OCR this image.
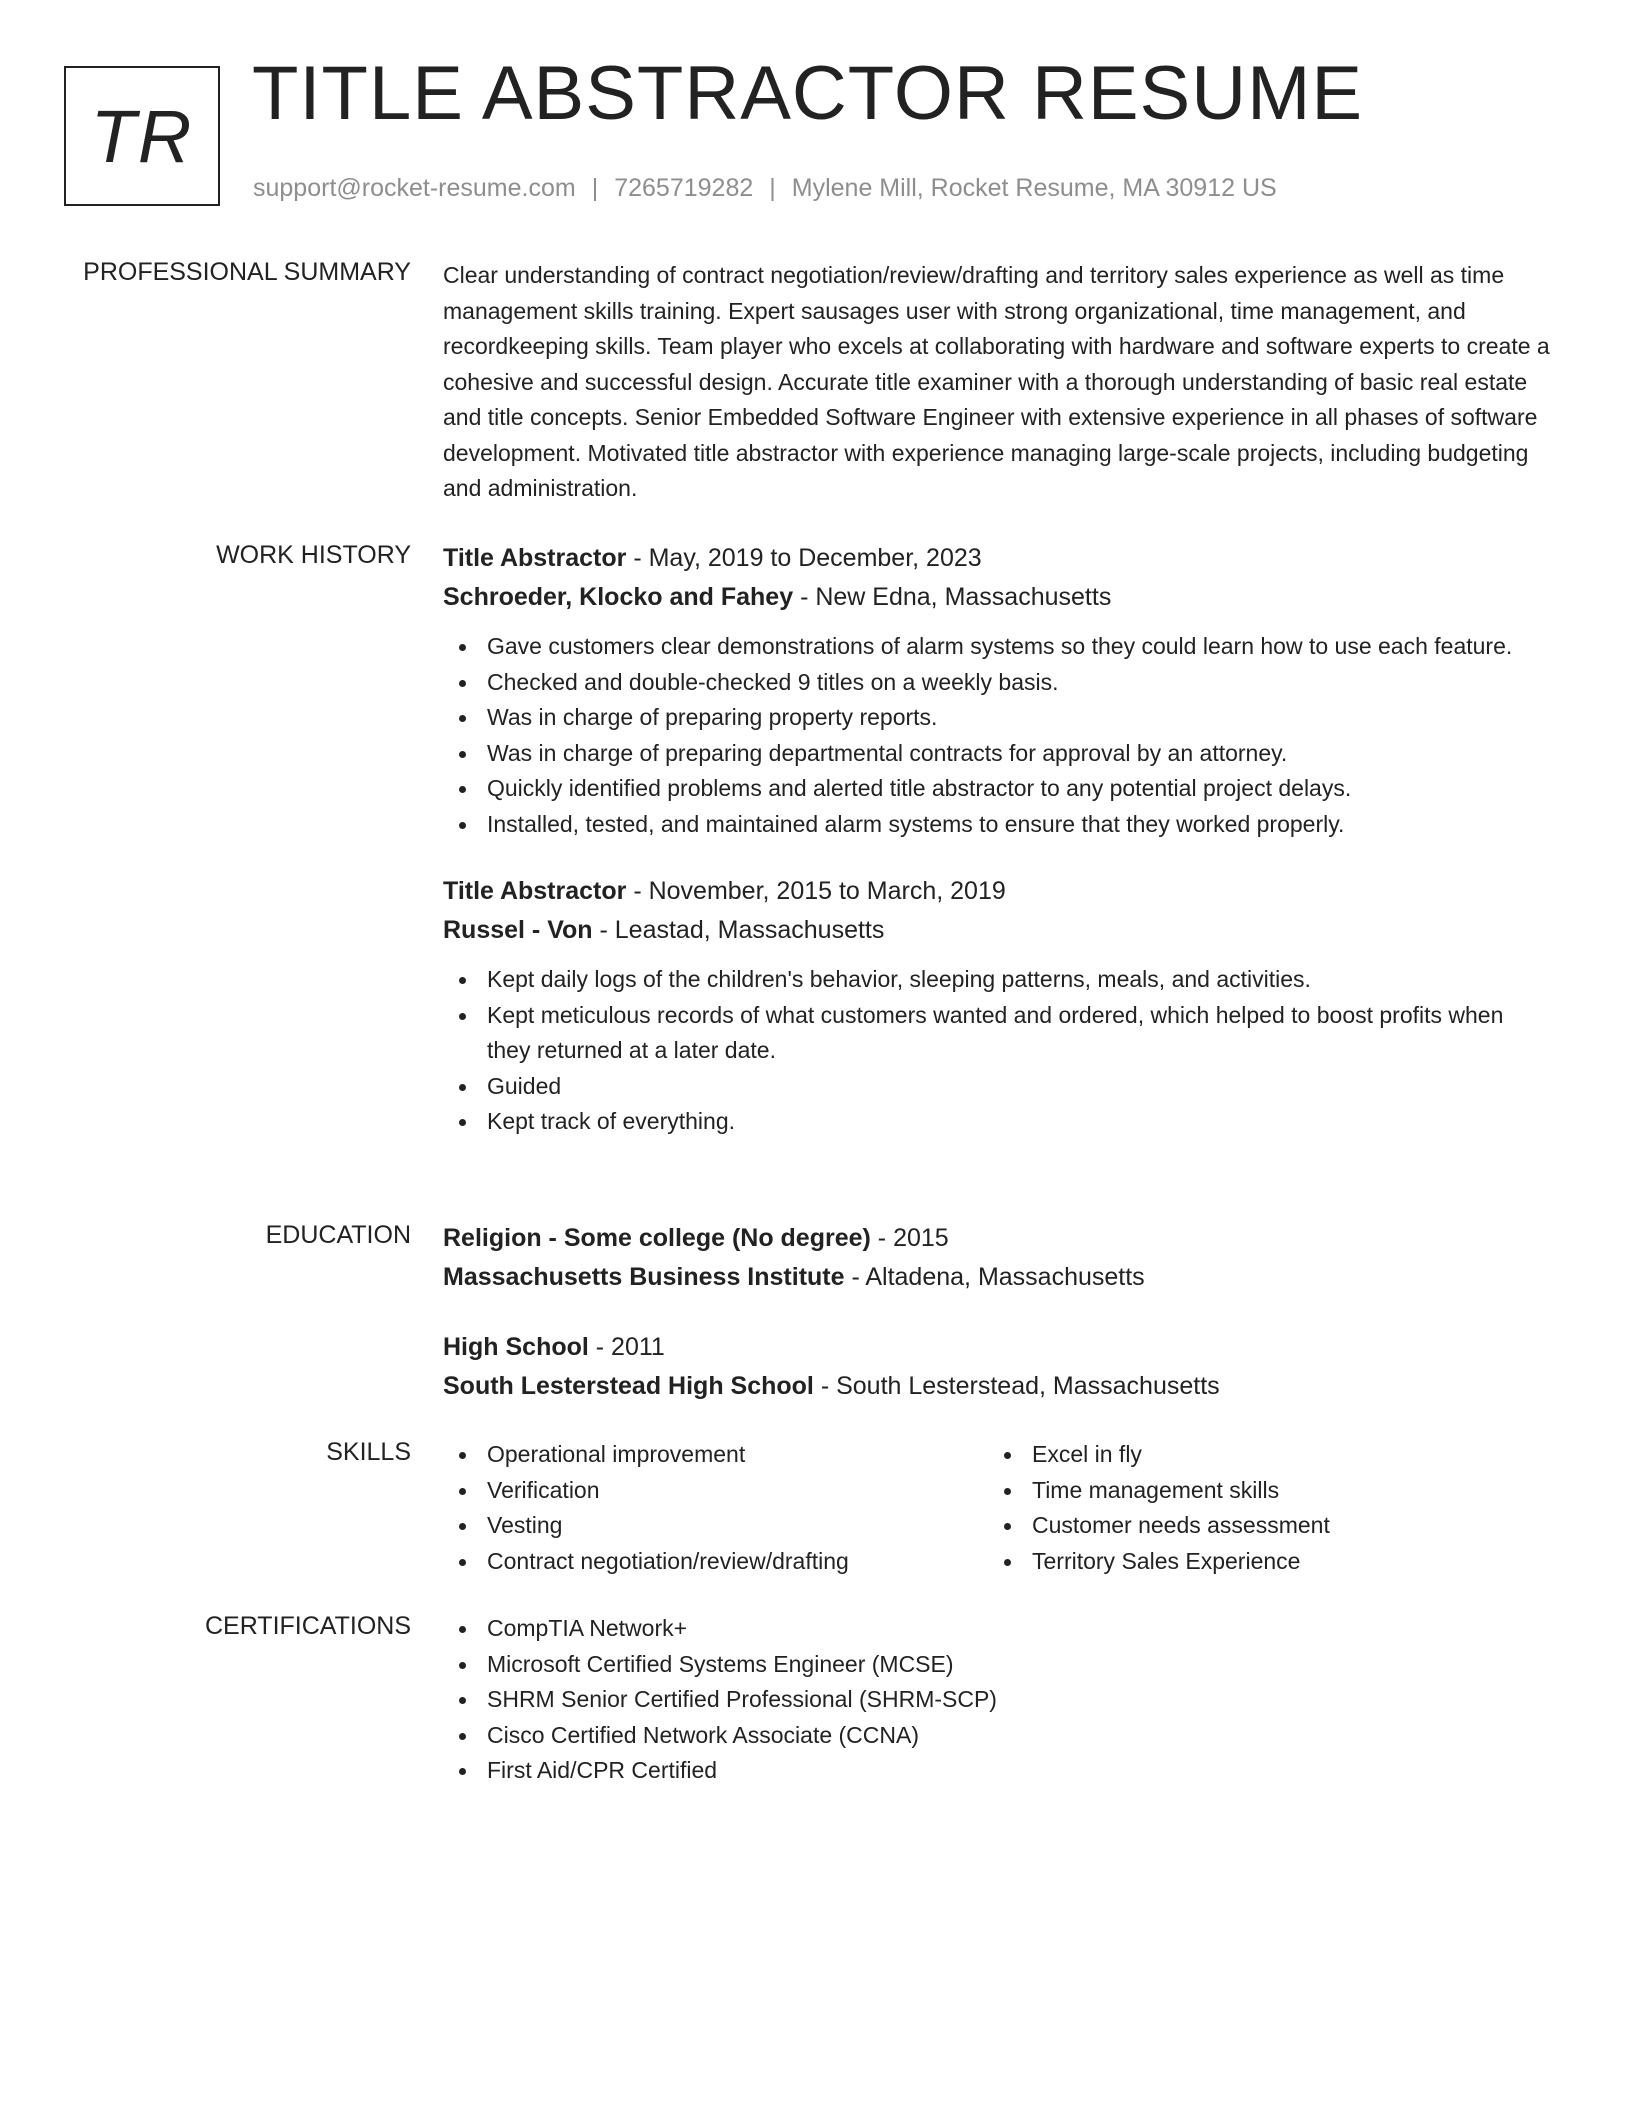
TR TITLE ABSTRACTOR RESUME
support@rocket-resume.com | 7265719282 | Mylene Mill, Rocket Resume, MA 30912 US
PROFESSIONAL SUMMARY Clear understanding of contract negotiation/review/drafting and territory sales experience as well as time management skills training. Expert sausages user with strong organizational, time management, and recordkeeping skills. Team player who excels at collaborating with hardware and software experts to create a cohesive and successful design. Accurate title examiner with a thorough understanding of basic real estate and title concepts. Senior Embedded Software Engineer with extensive experience in all phases of software development. Motivated title abstractor with experience managing large-scale projects, including budgeting and administration.

WORK HISTORY Title Abstractor - May, 2019 to December, 2023

Schroeder, Klocko and Fahey - New Edna, Massachusetts

Gave customers clear demonstrations of alarm systems so they could learn how to use each feature.
Checked and double-checked 9 titles on a weekly basis.
Was in charge of preparing property reports.
Was in charge of preparing departmental contracts for approval by an attorney.
Quickly identified problems and alerted title abstractor to any potential project delays.
Installed, tested, and maintained alarm systems to ensure that they worked properly.

Title Abstractor - November, 2015 to March, 2019

Russel - Von - Leastad, Massachusetts

Kept daily logs of the children's behavior, sleeping patterns, meals, and activities.
Kept meticulous records of what customers wanted and ordered, which helped to boost profits when they returned at a later date.
Guided
Kept track of everything.
EDUCATION Religion - Some college (No degree) - 2015

Massachusetts Business Institute - Altadena, Massachusetts

High School - 2011

South Lesterstead High School - South Lesterstead, Massachusetts

SKILLS	Operational improvement
Verification
Vesting
Contract negotiation/review/drafting
Excel in fly
Time management skills
Customer needs assessment
Territory Sales Experience
CERTIFICATIONS	CompTIA Network+
Microsoft Certified Systems Engineer (MCSE)
SHRM Senior Certified Professional (SHRM-SCP)
Cisco Certified Network Associate (CCNA)
First Aid/CPR Certified
